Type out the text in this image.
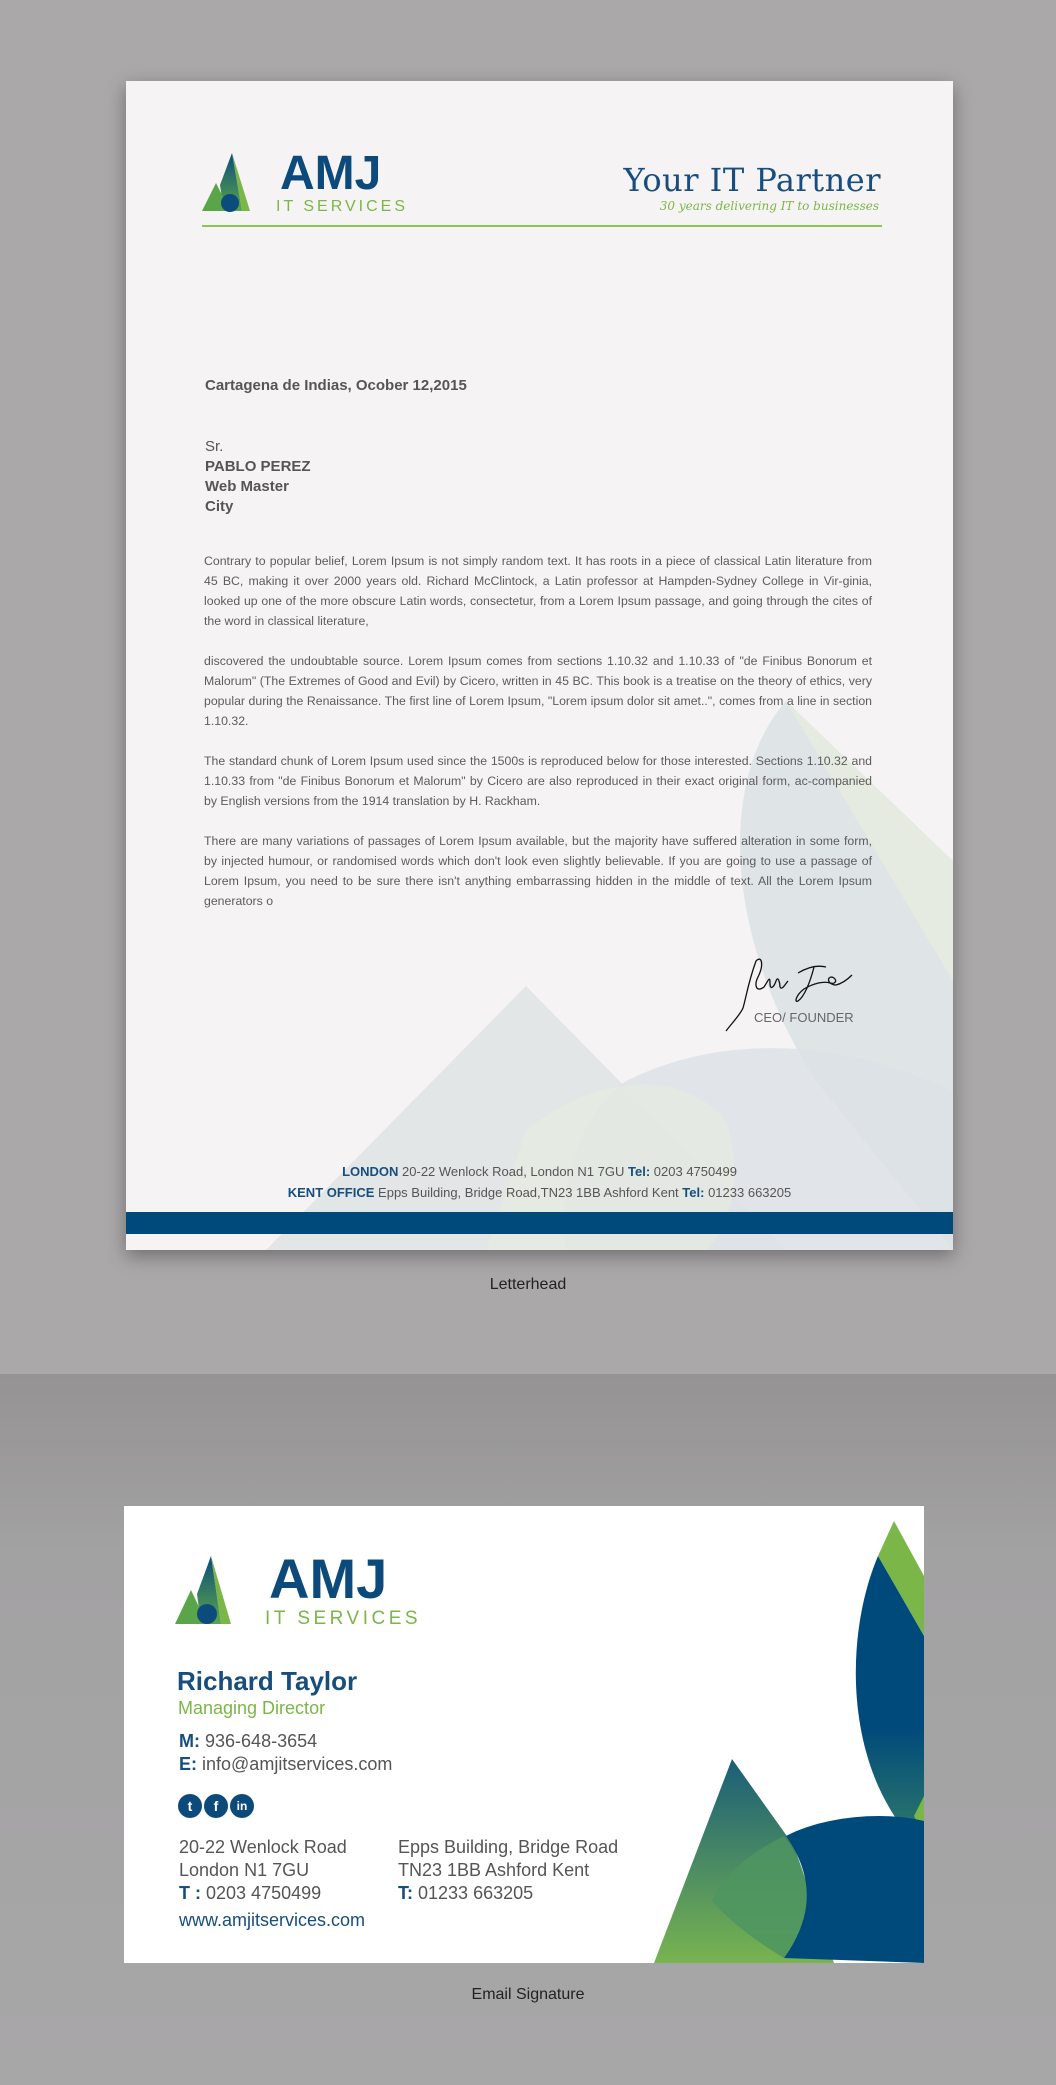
AMJ
IT SERVICES
Your IT Partner
30 years delivering IT to businesses
Cartagena de Indias, Ocober 12,2015
Sr.
PABLO PEREZ
Web Master
City

Contrary to popular belief, Lorem Ipsum is not simply random text. It has roots in a piece of classical Latin literature from 45 BC, making it over 2000 years old. Richard McClintock, a Latin professor at Hampden-Sydney College in Vir-ginia, looked up one of the more obscure Latin words, consectetur, from a Lorem Ipsum passage, and going through the cites of the word in classical literature,

discovered the undoubtable source. Lorem Ipsum comes from sections 1.10.32 and 1.10.33 of "de Finibus Bonorum et Malorum" (The Extremes of Good and Evil) by Cicero, written in 45 BC. This book is a treatise on the theory of ethics, very popular during the Renaissance. The first line of Lorem Ipsum, "Lorem ipsum dolor sit amet..", comes from a line in section 1.10.32.

The standard chunk of Lorem Ipsum used since the 1500s is reproduced below for those interested. Sections 1.10.32 and 1.10.33 from "de Finibus Bonorum et Malorum" by Cicero are also reproduced in their exact original form, ac-companied by English versions from the 1914 translation by H. Rackham.

There are many variations of passages of Lorem Ipsum available, but the majority have suffered alteration in some form, by injected humour, or randomised words which don't look even slightly believable. If you are going to use a passage of Lorem Ipsum, you need to be sure there isn't anything embarrassing hidden in the middle of text. All the Lorem Ipsum generators o

CEO/ FOUNDER
LONDON 20-22 Wenlock Road, London N1 7GU Tel: 0203 4750499
KENT OFFICE Epps Building, Bridge Road,TN23 1BB Ashford Kent Tel: 01233 663205
Letterhead
AMJ
IT SERVICES
Richard Taylor
Managing Director
M: 936-648-3654
E: info@amjitservices.com
t	f	in
20-22 Wenlock Road
London N1 7GU
T : 0203 4750499
Epps Building, Bridge Road
TN23 1BB Ashford Kent
T: 01233 663205
www.amjitservices.com
Email Signature
